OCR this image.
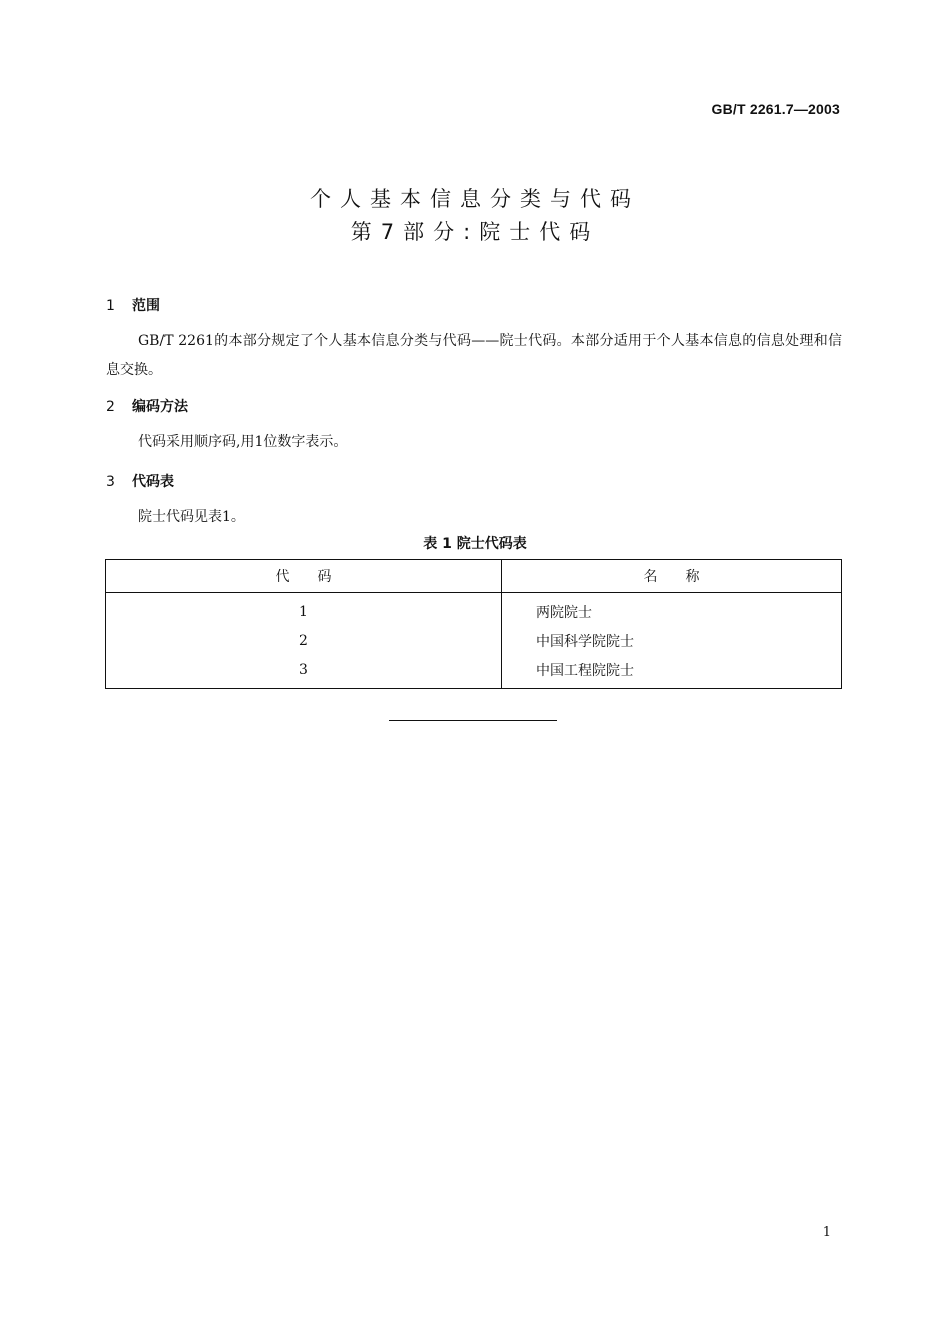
GB/T 2261.7—2003
个人基本信息分类与代码
第7部分:院士代码
1 范围
GB/T 2261的本部分规定了个人基本信息分类与代码——院士代码。本部分适用于个人基本信息的信息处理和信息交换。
2 编码方法
代码采用顺序码,用1位数字表示。
3 代码表
院士代码见表1。
表 1 院士代码表
代码	名称
1	两院院士
2	中国科学院院士
3	中国工程院院士
1
